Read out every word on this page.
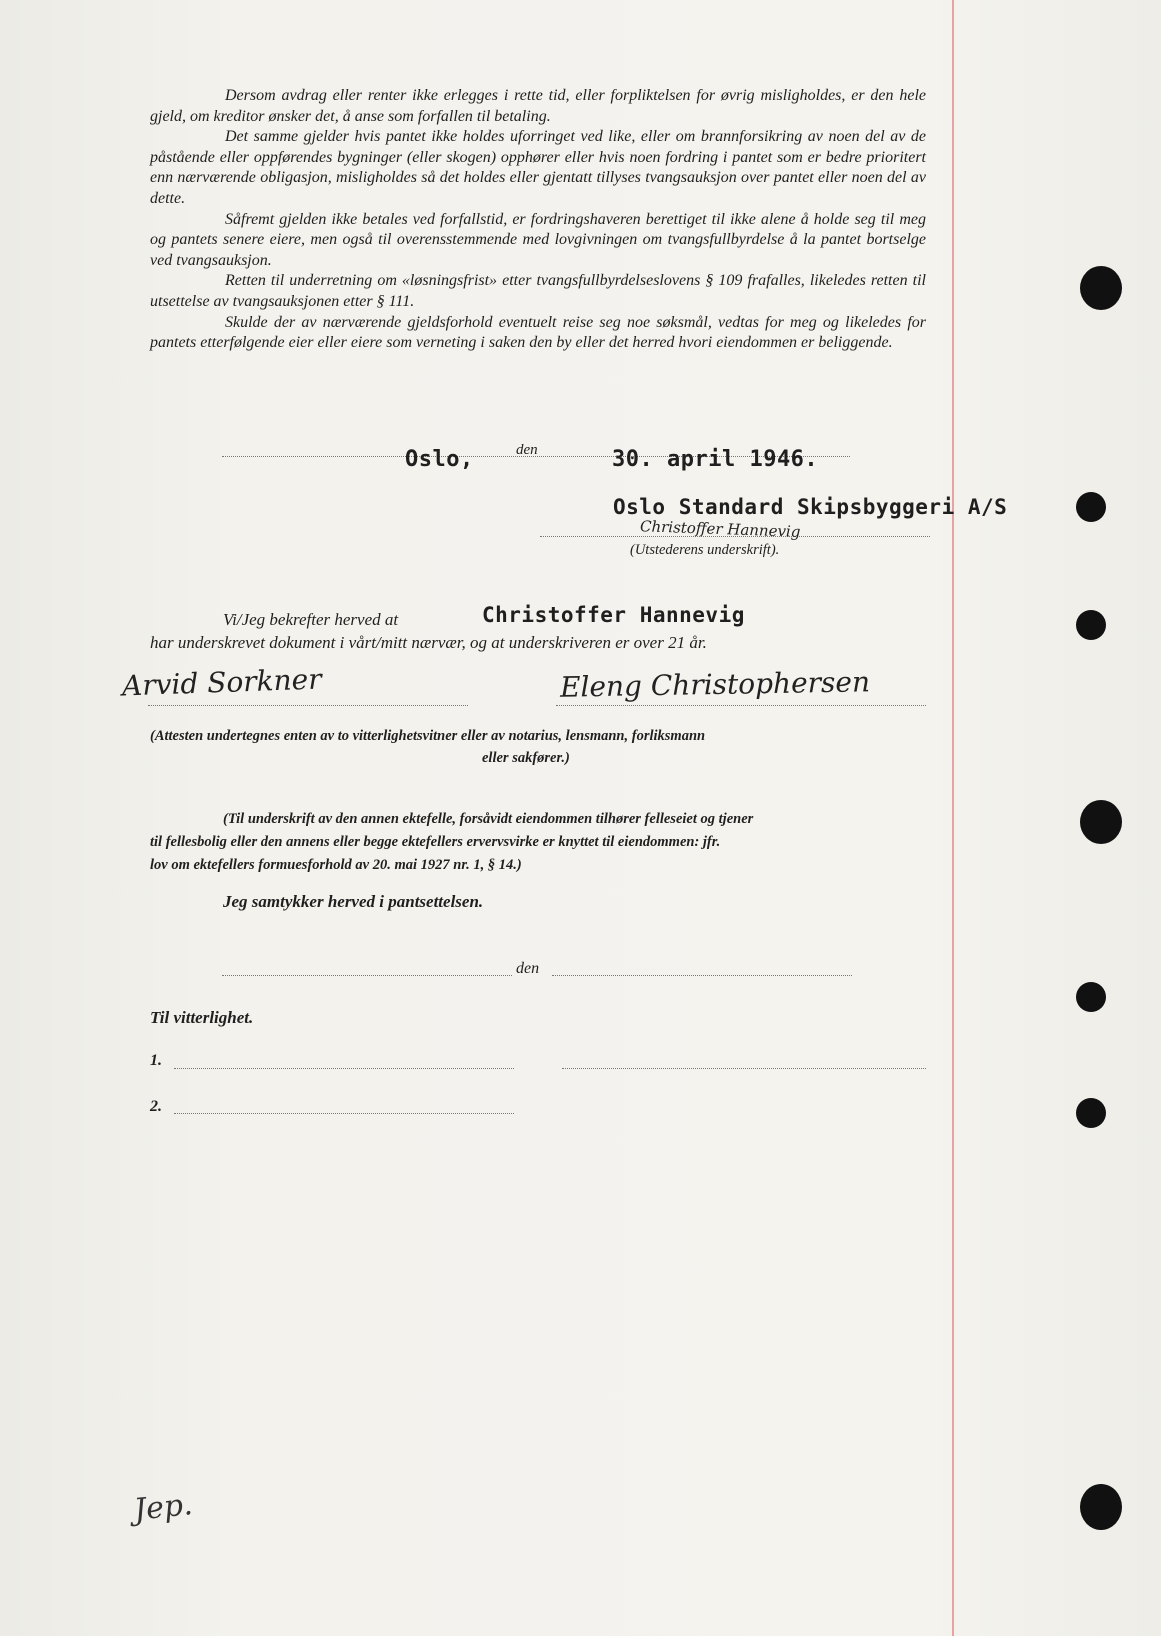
Dersom avdrag eller renter ikke erlegges i rette tid, eller forpliktelsen for øvrig misligholdes, er den hele gjeld, om kreditor ønsker det, å anse som forfallen til betaling.

Det samme gjelder hvis pantet ikke holdes uforringet ved like, eller om brannforsikring av noen del av de påstående eller oppførendes bygninger (eller skogen) opphører eller hvis noen fordring i pantet som er bedre prioritert enn nærværende obligasjon, misligholdes så det holdes eller gjentatt tillyses tvangsauksjon over pantet eller noen del av dette.

Såfremt gjelden ikke betales ved forfallstid, er fordringshaveren berettiget til ikke alene å holde seg til meg og pantets senere eiere, men også til overensstemmende med lovgivningen om tvangsfullbyrdelse å la pantet bortselge ved tvangsauksjon.

Retten til underretning om «løsningsfrist» etter tvangsfullbyrdelseslovens § 109 frafalles, likeledes retten til utsettelse av tvangsauksjonen etter § 111.

Skulde der av nærværende gjeldsforhold eventuelt reise seg noe søksmål, vedtas for meg og likeledes for pantets etterfølgende eier eller eiere som verneting i saken den by eller det herred hvori eiendommen er beliggende.

Oslo,	den	30. april 1946.
Oslo Standard Skipsbyggeri A/S
Christoffer Hannevig
(Utstederens underskrift).
Vi/Jeg bekrefter herved at	Christoffer Hannevig
har underskrevet dokument i vårt/mitt nærvær, og at underskriveren er over 21 år.
Arvid Sorkner	Eleng Christophersen
(Attesten undertegnes enten av to vitterlighetsvitner eller av notarius, lensmann, forliksmann
eller sakfører.)
(Til underskrift av den annen ektefelle, forsåvidt eiendommen tilhører felleseiet og tjener
til fellesbolig eller den annens eller begge ektefellers ervervsvirke er knyttet til eiendommen: jfr.
lov om ektefellers formuesforhold av 20. mai 1927 nr. 1, § 14.)
Jeg samtykker herved i pantsettelsen.
den
Til vitterlighet.
1.
2.
Jep.
